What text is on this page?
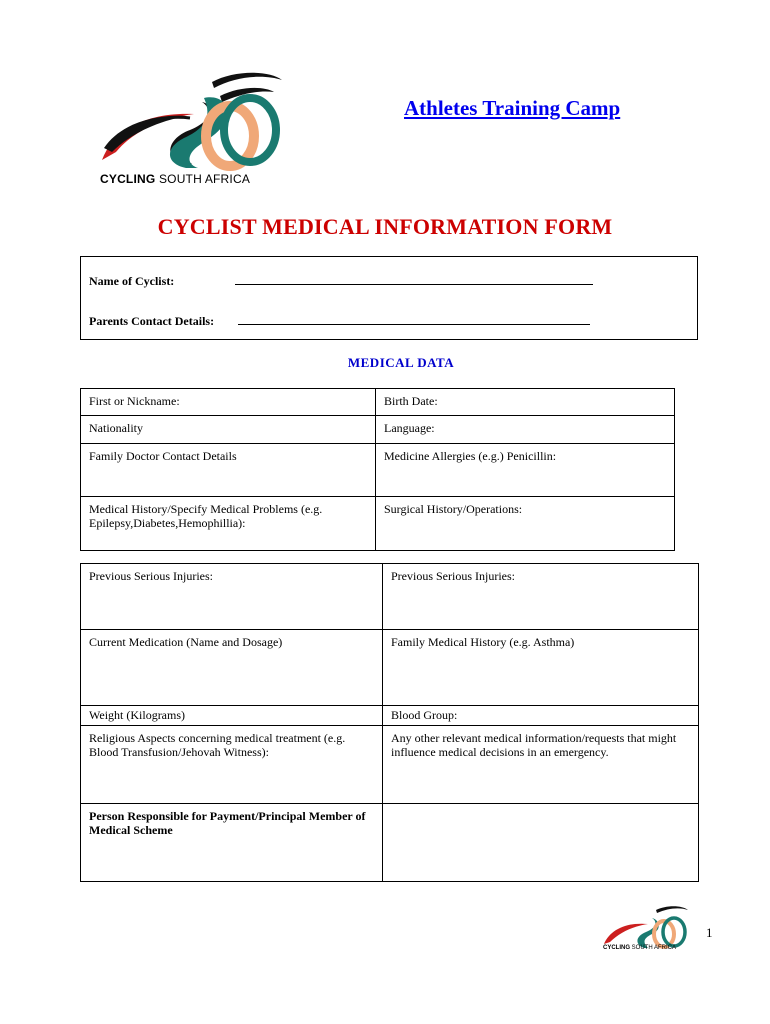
CYCLING SOUTH AFRICA
Athletes Training Camp
CYCLIST MEDICAL INFORMATION FORM
Name of Cyclist:
Parents Contact Details:
MEDICAL DATA
First or Nickname:	Birth Date:
Nationality	Language:
Family Doctor Contact Details	Medicine Allergies (e.g.) Penicillin:
Medical History/Specify Medical Problems (e.g. Epilepsy,Diabetes,Hemophillia):	Surgical History/Operations:
Previous Serious Injuries:	Previous Serious Injuries:
Current Medication (Name and Dosage)	Family Medical History (e.g. Asthma)
Weight (Kilograms)	Blood Group:
Religious Aspects concerning medical treatment (e.g. Blood Transfusion/Jehovah Witness):	Any other relevant medical information/requests that might influence medical decisions in an emergency.
Person Responsible for Payment/Principal Member of Medical Scheme	
CYCLING SOUTH AFRICA
1
